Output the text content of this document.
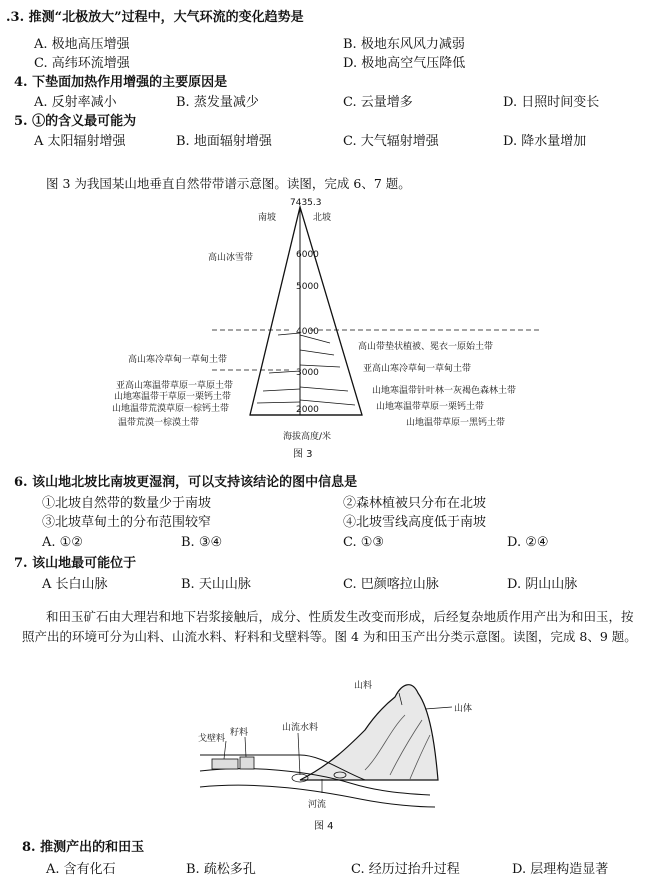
.3. 推测“北极放大”过程中，大气环流的变化趋势是
A. 极地高压增强	B. 极地东风风力减弱
C. 高纬环流增强	D. 极地高空气压降低
4. 下垫面加热作用增强的主要原因是
A. 反射率减小	B. 蒸发量减少	C. 云量增多	D. 日照时间变长
5. ①的含义最可能为
A 太阳辐射增强	B. 地面辐射增强	C. 大气辐射增强	D. 降水量增加
图 3 为我国某山地垂直自然带带谱示意图。读图，完成 6、7 题。
7435.3
南坡	北坡
6000
5000
4000
3000
2000
高山冰雪带
高山寒冷草甸一草甸土带
亚高山寒温带草原一草原土带
山地寒温带干草原一栗钙土带
山地温带荒漠草原一棕钙土带
温带荒漠一棕漠土带
高山带垫状植被、冕衣一原始土带
亚高山寒冷草甸一草甸土带
山地寒温带针叶林一灰褐色森林土带
山地寒温带草原一栗钙土带
山地温带草原一黑钙土带
海拔高度/米
图 3
6. 该山地北坡比南坡更湿润，可以支持该结论的图中信息是
①北坡自然带的数量少于南坡	②森林植被只分布在北坡
③北坡草甸土的分布范围较窄	④北坡雪线高度低于南坡
A. ①②	B. ③④	C. ①③	D. ②④
7. 该山地最可能位于
A 长白山脉	B. 天山山脉	C. 巴颜喀拉山脉	D. 阴山山脉
和田玉矿石由大理岩和地下岩浆接触后，成分、性质发生改变而形成，后经复杂地质作用产出为和田玉，按照产出的环境可分为山料、山流水料、籽料和戈壁料等。图 4 为和田玉产出分类示意图。读图，完成 8、9 题。
山料
山体
戈壁料
籽料	山流水料
河流
图 4
8. 推测产出的和田玉
A. 含有化石	B. 疏松多孔	C. 经历过抬升过程	D. 层理构造显著
